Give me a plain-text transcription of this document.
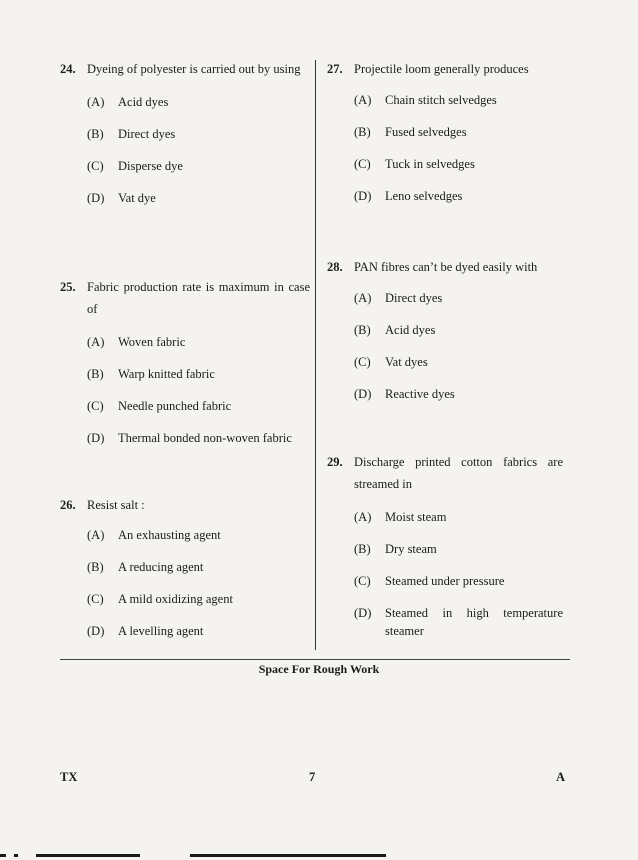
24. Dyeing of polyester is carried out by using
(A)	Acid dyes
(B)	Direct dyes
(C)	Disperse dye
(D)	Vat dye
25. Fabric production rate is maximum in case of
(A)	Woven fabric
(B)	Warp knitted fabric
(C)	Needle punched fabric
(D)	Thermal bonded non-woven fabric
26. Resist salt :
(A)	An exhausting agent
(B)	A reducing agent
(C)	A mild oxidizing agent
(D)	A levelling agent
27. Projectile loom generally produces
(A)	Chain stitch selvedges
(B)	Fused selvedges
(C)	Tuck in selvedges
(D)	Leno selvedges
28. PAN fibres can’t be dyed easily with
(A)	Direct dyes
(B)	Acid dyes
(C)	Vat dyes
(D)	Reactive dyes
29. Discharge printed cotton fabrics are streamed in
(A)	Moist steam
(B)	Dry steam
(C)	Steamed under pressure
(D)	Steamed in high temperature steamer
Space For Rough Work
TX	7	A
